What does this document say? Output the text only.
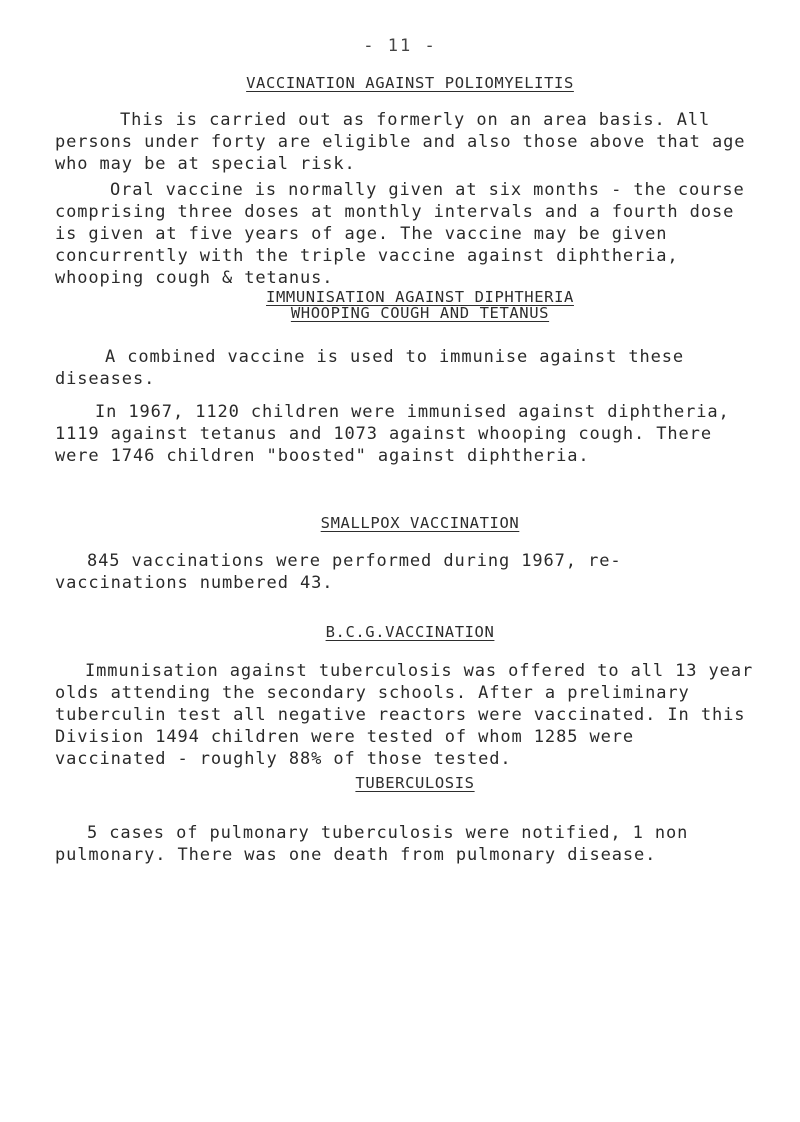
- 11 -
VACCINATION AGAINST POLIOMYELITIS
This is carried out as formerly on an area basis. All persons under forty are eligible and also those above that age who may be at special risk.
Oral vaccine is normally given at six months - the course comprising three doses at monthly intervals and a fourth dose is given at five years of age. The vaccine may be given concurrently with the triple vaccine against diphtheria, whooping cough & tetanus.
IMMUNISATION AGAINST DIPHTHERIA
WHOOPING COUGH AND TETANUS
A combined vaccine is used to immunise against these diseases.
In 1967, 1120 children were immunised against diphtheria, 1119 against tetanus and 1073 against whooping cough. There were 1746 children "boosted" against diphtheria.
SMALLPOX VACCINATION
845 vaccinations were performed during 1967, re-vaccinations numbered 43.
B.C.G.VACCINATION
Immunisation against tuberculosis was offered to all 13 year olds attending the secondary schools. After a preliminary tuberculin test all negative reactors were vaccinated. In this Division 1494 children were tested of whom 1285 were vaccinated - roughly 88% of those tested.
TUBERCULOSIS
5 cases of pulmonary tuberculosis were notified, 1 non pulmonary. There was one death from pulmonary disease.
